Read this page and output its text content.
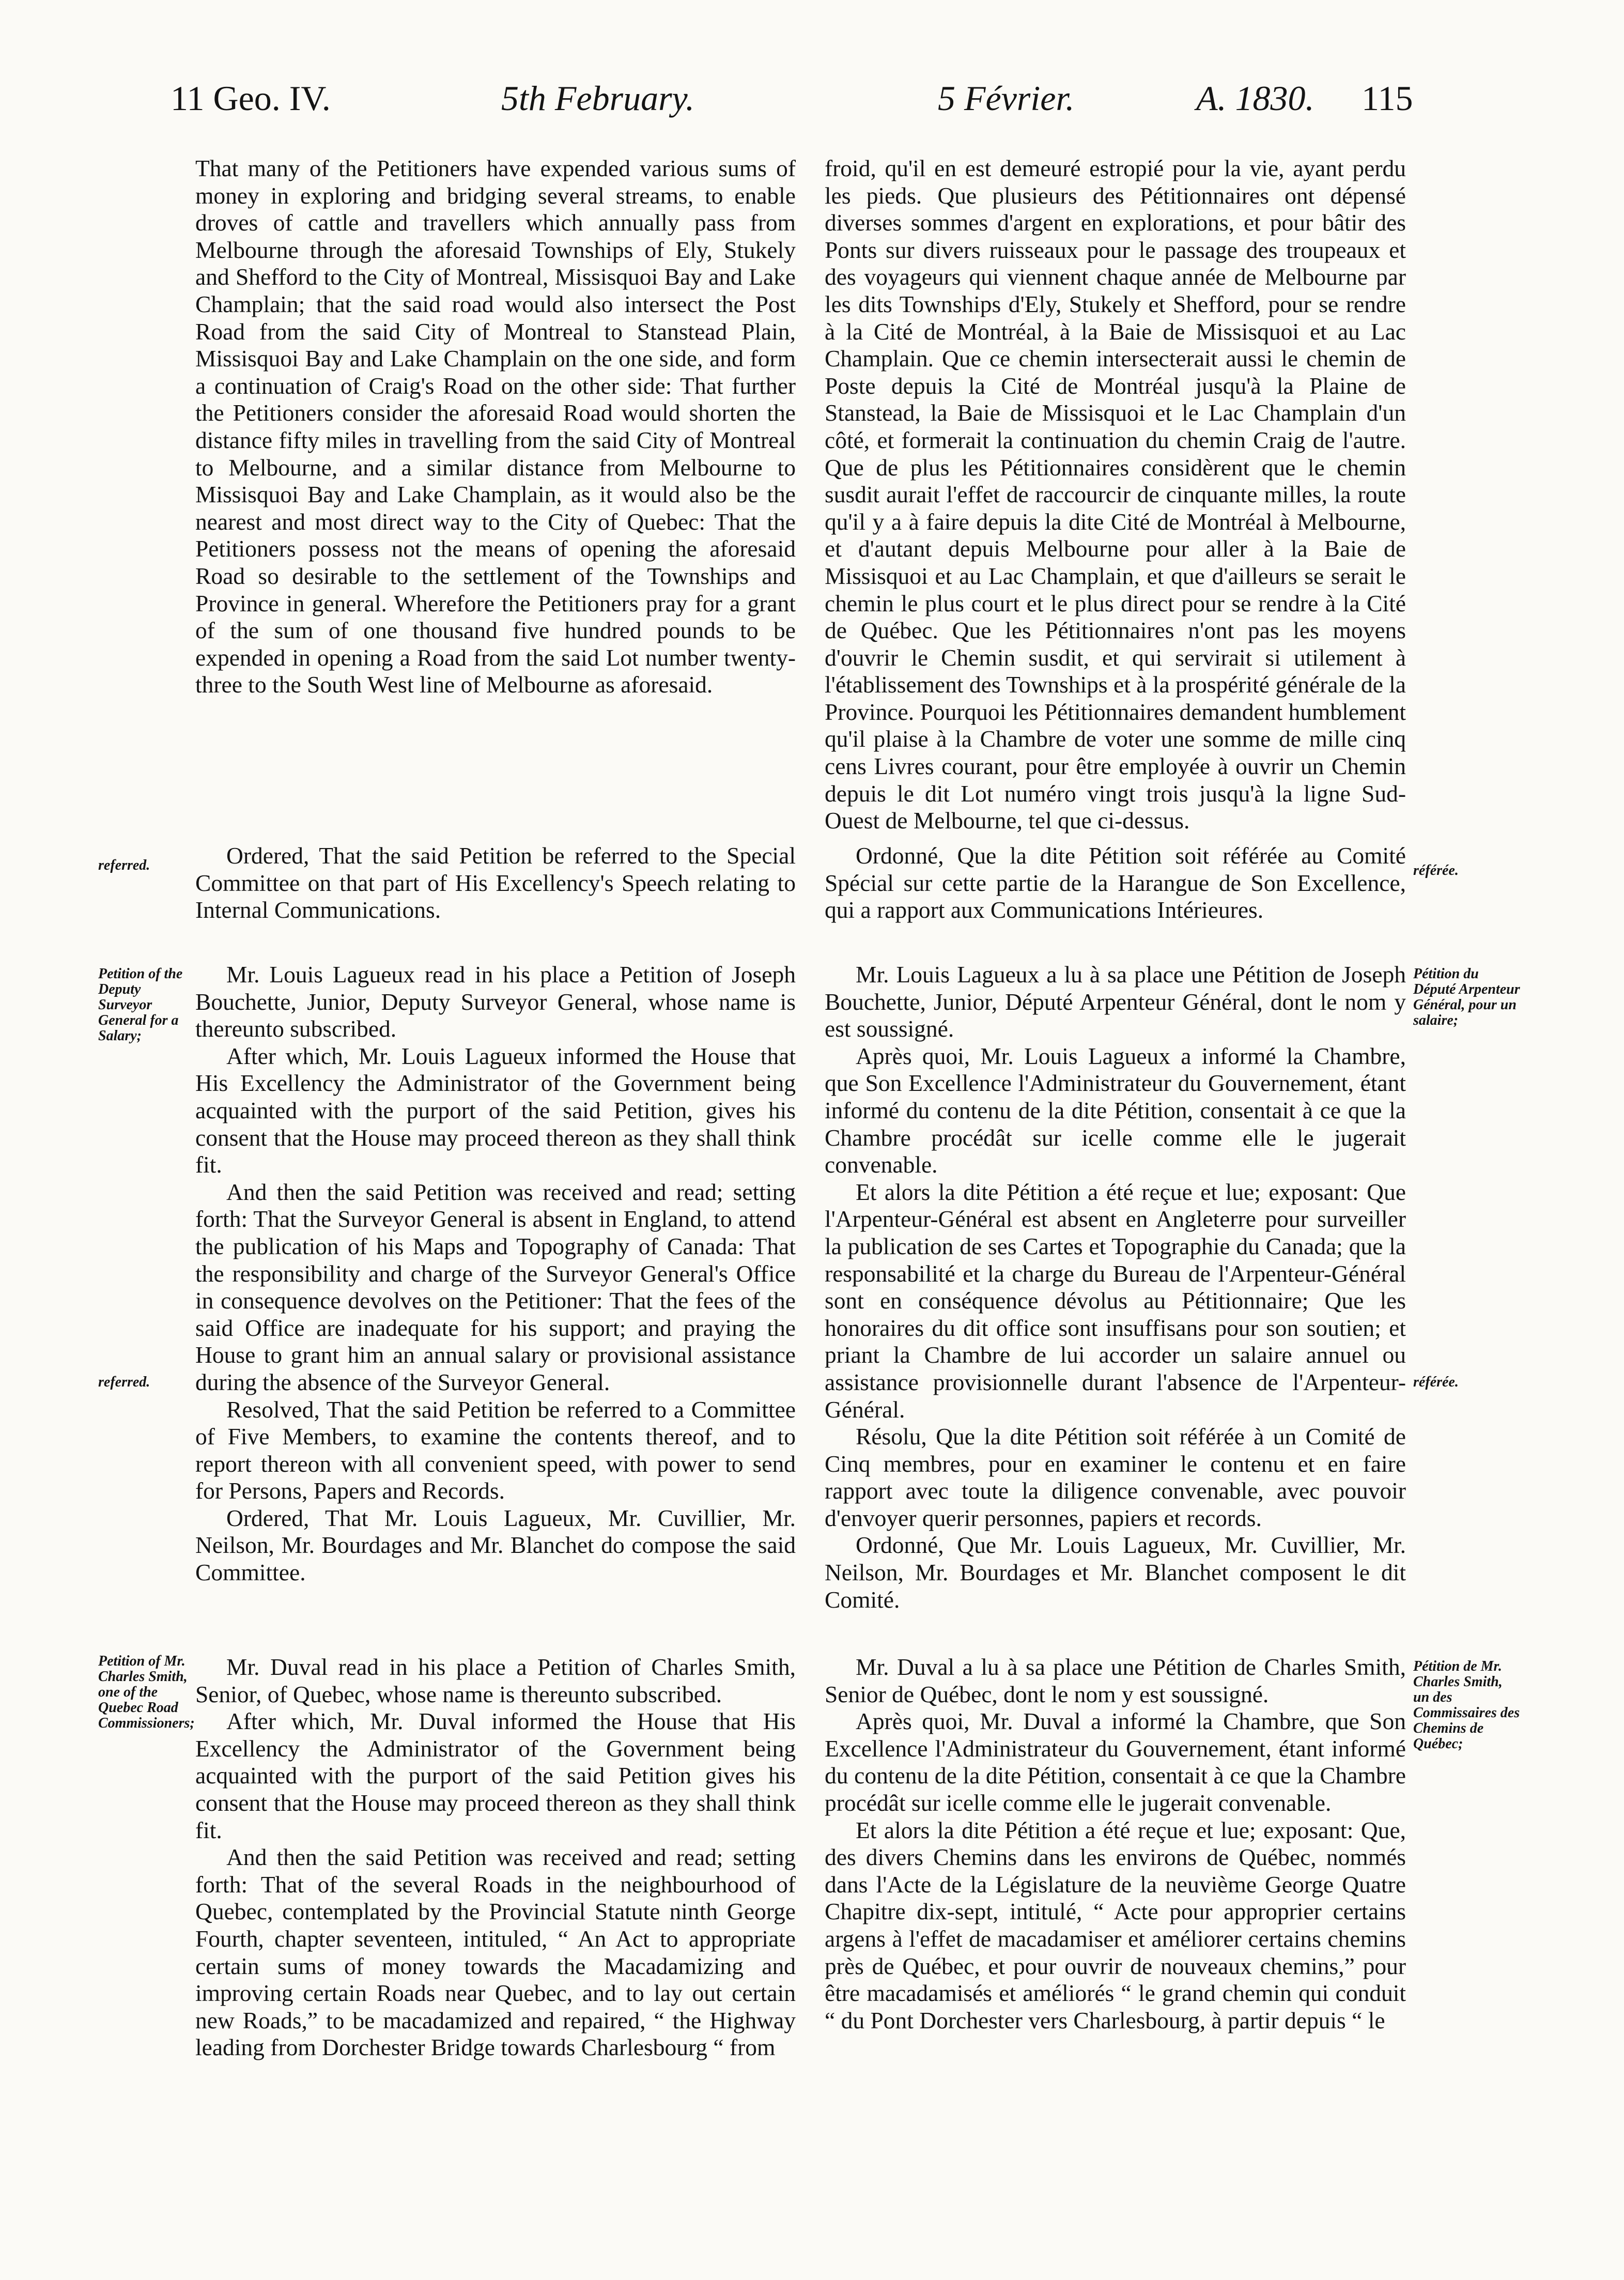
11 Geo. IV.	5th February.	5 Février.	A. 1830. 115

That many of the Petitioners have expended various sums of money in exploring and bridging several streams, to enable droves of cattle and travellers which annually pass from Melbourne through the aforesaid Townships of Ely, Stukely and Shefford to the City of Montreal, Missisquoi Bay and Lake Champlain; that the said road would also intersect the Post Road from the said City of Montreal to Stanstead Plain, Missisquoi Bay and Lake Champlain on the one side, and form a continuation of Craig's Road on the other side: That further the Petitioners consider the aforesaid Road would shorten the distance fifty miles in travelling from the said City of Montreal to Melbourne, and a similar distance from Melbourne to Missisquoi Bay and Lake Champlain, as it would also be the nearest and most direct way to the City of Quebec: That the Petitioners possess not the means of opening the aforesaid Road so desirable to the settlement of the Townships and Province in general. Wherefore the Petitioners pray for a grant of the sum of one thousand five hundred pounds to be expended in opening a Road from the said Lot number twenty-three to the South West line of Melbourne as aforesaid.

Ordered, That the said Petition be referred to the Special Committee on that part of His Excellency's Speech relating to Internal Communications.

Mr. Louis Lagueux read in his place a Petition of Joseph Bouchette, Junior, Deputy Surveyor General, whose name is thereunto subscribed.

After which, Mr. Louis Lagueux informed the House that His Excellency the Administrator of the Government being acquainted with the purport of the said Petition, gives his consent that the House may proceed thereon as they shall think fit.

And then the said Petition was received and read; setting forth: That the Surveyor General is absent in England, to attend the publication of his Maps and Topography of Canada: That the responsibility and charge of the Surveyor General's Office in consequence devolves on the Petitioner: That the fees of the said Office are inadequate for his support; and praying the House to grant him an annual salary or provisional assistance during the absence of the Surveyor General.

Resolved, That the said Petition be referred to a Committee of Five Members, to examine the contents thereof, and to report thereon with all convenient speed, with power to send for Persons, Papers and Records.

Ordered, That Mr. Louis Lagueux, Mr. Cuvillier, Mr. Neilson, Mr. Bourdages and Mr. Blanchet do compose the said Committee.

Mr. Duval read in his place a Petition of Charles Smith, Senior, of Quebec, whose name is thereunto subscribed.

After which, Mr. Duval informed the House that His Excellency the Administrator of the Government being acquainted with the purport of the said Petition gives his consent that the House may proceed thereon as they shall think fit.

And then the said Petition was received and read; setting forth: That of the several Roads in the neighbourhood of Quebec, contemplated by the Provincial Statute ninth George Fourth, chapter seventeen, intituled, “ An Act to appropriate certain sums of money towards the Macadamizing and improving certain Roads near Quebec, and to lay out certain new Roads,” to be macadamized and repaired, “ the Highway leading from Dorchester Bridge towards Charlesbourg “ from

froid, qu'il en est demeuré estropié pour la vie, ayant perdu les pieds. Que plusieurs des Pétitionnaires ont dépensé diverses sommes d'argent en explorations, et pour bâtir des Ponts sur divers ruisseaux pour le passage des troupeaux et des voyageurs qui viennent chaque année de Melbourne par les dits Townships d'Ely, Stukely et Shefford, pour se rendre à la Cité de Montréal, à la Baie de Missisquoi et au Lac Champlain. Que ce chemin intersecterait aussi le chemin de Poste depuis la Cité de Montréal jusqu'à la Plaine de Stanstead, la Baie de Missisquoi et le Lac Champlain d'un côté, et formerait la continuation du chemin Craig de l'autre. Que de plus les Pétitionnaires considèrent que le chemin susdit aurait l'effet de raccourcir de cinquante milles, la route qu'il y a à faire depuis la dite Cité de Montréal à Melbourne, et d'autant depuis Melbourne pour aller à la Baie de Missisquoi et au Lac Champlain, et que d'ailleurs se serait le chemin le plus court et le plus direct pour se rendre à la Cité de Québec. Que les Pétitionnaires n'ont pas les moyens d'ouvrir le Chemin susdit, et qui servirait si utilement à l'établissement des Townships et à la prospérité générale de la Province. Pourquoi les Pétitionnaires demandent humblement qu'il plaise à la Chambre de voter une somme de mille cinq cens Livres courant, pour être employée à ouvrir un Chemin depuis le dit Lot numéro vingt trois jusqu'à la ligne Sud-Ouest de Melbourne, tel que ci-dessus.

Ordonné, Que la dite Pétition soit référée au Comité Spécial sur cette partie de la Harangue de Son Excellence, qui a rapport aux Communications Intérieures.

Mr. Louis Lagueux a lu à sa place une Pétition de Joseph Bouchette, Junior, Député Arpenteur Général, dont le nom y est soussigné.

Après quoi, Mr. Louis Lagueux a informé la Chambre, que Son Excellence l'Administrateur du Gouvernement, étant informé du contenu de la dite Pétition, consentait à ce que la Chambre procédât sur icelle comme elle le jugerait convenable.

Et alors la dite Pétition a été reçue et lue; exposant: Que l'Arpenteur-Général est absent en Angleterre pour surveiller la publication de ses Cartes et Topographie du Canada; que la responsabilité et la charge du Bureau de l'Arpenteur-Général sont en conséquence dévolus au Pétitionnaire; Que les honoraires du dit office sont insuffisans pour son soutien; et priant la Chambre de lui accorder un salaire annuel ou assistance provisionnelle durant l'absence de l'Arpenteur-Général.

Résolu, Que la dite Pétition soit référée à un Comité de Cinq membres, pour en examiner le contenu et en faire rapport avec toute la diligence convenable, avec pouvoir d'envoyer querir personnes, papiers et records.

Ordonné, Que Mr. Louis Lagueux, Mr. Cuvillier, Mr. Neilson, Mr. Bourdages et Mr. Blanchet composent le dit Comité.

Mr. Duval a lu à sa place une Pétition de Charles Smith, Senior de Québec, dont le nom y est soussigné.

Après quoi, Mr. Duval a informé la Chambre, que Son Excellence l'Administrateur du Gouvernement, étant informé du contenu de la dite Pétition, consentait à ce que la Chambre procédât sur icelle comme elle le jugerait convenable.

Et alors la dite Pétition a été reçue et lue; exposant: Que, des divers Chemins dans les environs de Québec, nommés dans l'Acte de la Législature de la neuvième George Quatre Chapitre dix-sept, intitulé, “ Acte pour approprier certains argens à l'effet de macadamiser et améliorer certains chemins près de Québec, et pour ouvrir de nouveaux chemins,” pour être macadamisés et améliorés “ le grand chemin qui conduit “ du Pont Dorchester vers Charlesbourg, à partir depuis “ le

referred.
Petition of the Deputy Surveyor General for a Salary;
referred.
Petition of Mr. Charles Smith, one of the Quebec Road Commissioners;
référée.
Pétition du Député Arpenteur Général, pour un salaire;
référée.
Pétition de Mr. Charles Smith, un des Commissaires des Chemins de Québec;
